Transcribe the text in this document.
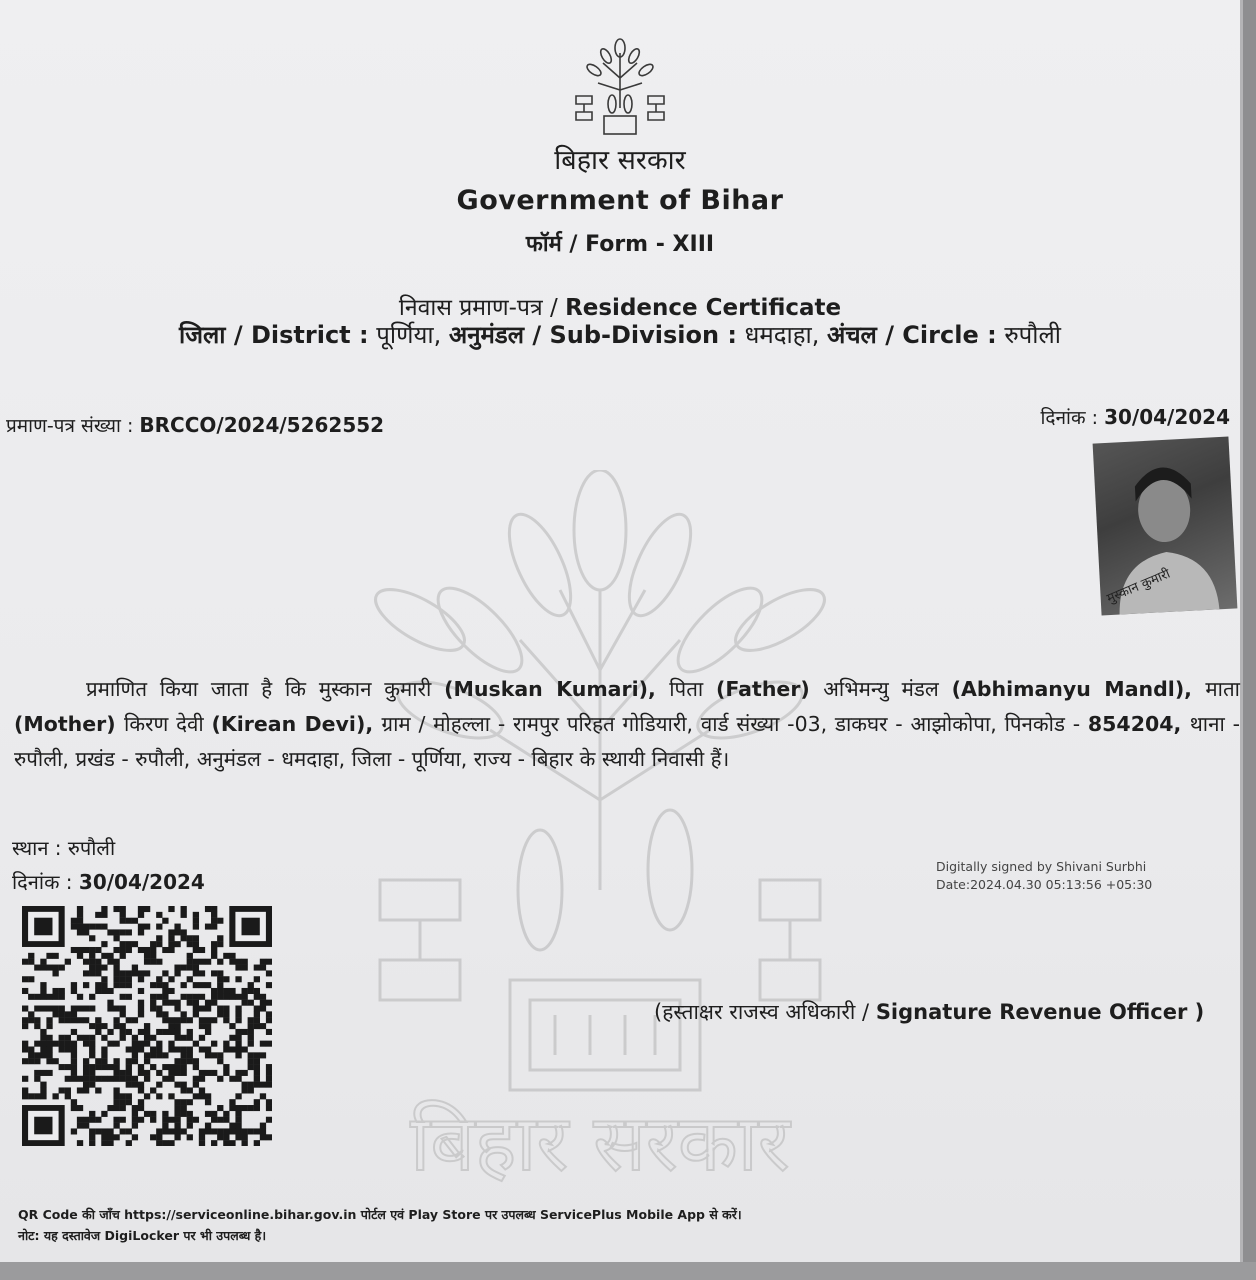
बिहार सरकार
बिहार सरकार
Government of Bihar
फॉर्म / Form - XIII
निवास प्रमाण-पत्र / Residence Certificate
जिला / District : पूर्णिया, अनुमंडल / Sub-Division : धमदाहा, अंचल / Circle : रुपौली
प्रमाण-पत्र संख्या : BRCCO/2024/5262552	दिनांक : 30/04/2024
मुस्कान कुमारी
प्रमाणित किया जाता है कि मुस्कान कुमारी (Muskan Kumari), पिता (Father) अभिमन्यु मंडल (Abhimanyu Mandl), माता (Mother) किरण देवी (Kirean Devi), ग्राम / मोहल्ला - रामपुर परिहत गोडियारी, वार्ड संख्या -03, डाकघर - आझोकोपा, पिनकोड - 854204, थाना - रुपौली, प्रखंड - रुपौली, अनुमंडल - धमदाहा, जिला - पूर्णिया, राज्य - बिहार के स्थायी निवासी हैं।
स्थान : रुपौली
दिनांक : 30/04/2024
Digitally signed by Shivani Surbhi
Date:2024.04.30 05:13:56 +05:30
(हस्ताक्षर राजस्व अधिकारी / Signature Revenue Officer )
QR Code की जाँच https://serviceonline.bihar.gov.in पोर्टल एवं Play Store पर उपलब्ध ServicePlus Mobile App से करें।
नोट: यह दस्तावेज DigiLocker पर भी उपलब्ध है।
